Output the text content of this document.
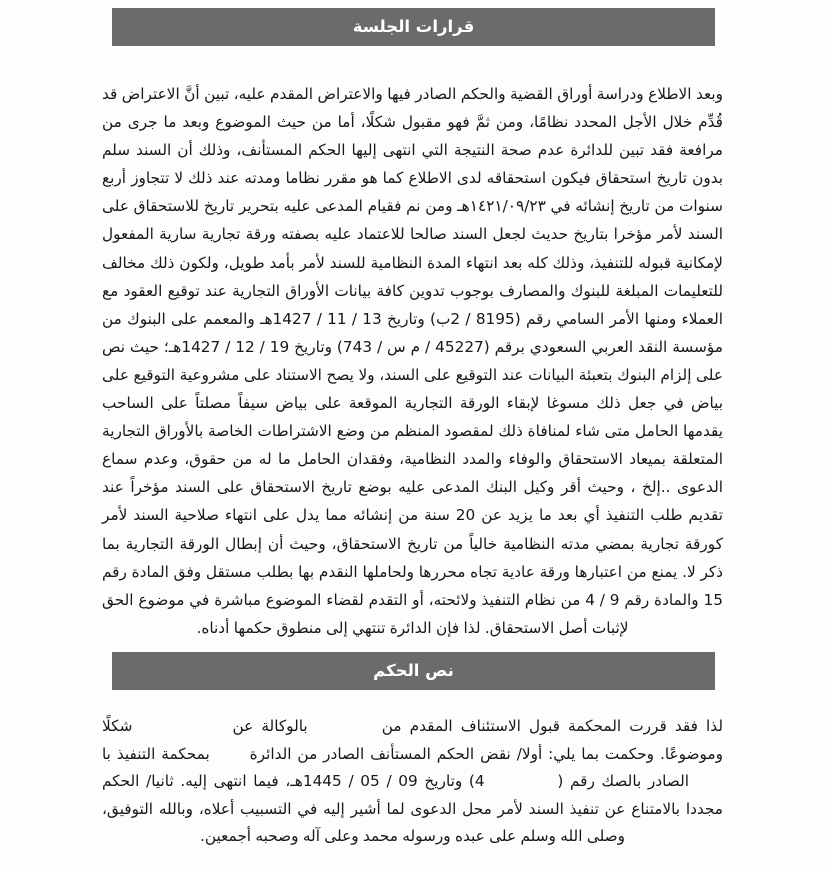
قرارات الجلسة
وبعد الاطلاع ودراسة أوراق القضية والحكم الصادر فيها والاعتراض المقدم عليه، تبين أنَّ الاعتراض قد قُدِّم خلال الأجل المحدد نظامًا، ومن ثمَّ فهو مقبول شكلًا، أما من حيث الموضوع وبعد ما جرى من مرافعة فقد تبين للدائرة عدم صحة النتيجة التي انتهى إليها الحكم المستأنف، وذلك أن السند سلم بدون تاريخ استحقاق فيكون استحقاقه لدى الاطلاع كما هو مقرر نظاما ومدته عند ذلك لا تتجاوز أربع سنوات من تاريخ إنشائه في ١٤٢١/٠٩/٢٣هـ ومن نم فقيام المدعى عليه بتحرير تاريخ للاستحقاق على السند لأمر مؤخرا بتاريخ حديث لجعل السند صالحا للاعتماد عليه بصفته ورقة تجارية سارية المفعول لإمكانية قبوله للتنفيذ، وذلك كله بعد انتهاء المدة النظامية للسند لأمر بأمد طويل، ولكون ذلك مخالف للتعليمات المبلغة للبنوك والمصارف بوجوب تدوين كافة بيانات الأوراق التجارية عند توقيع العقود مع العملاء ومنها الأمر السامي رقم (8195 / 2ب) وتاريخ 13 / 11 / 1427هـ والمعمم على البنوك من مؤسسة النقد العربي السعودي برقم (45227 / م س / 743) وتاريخ 19 / 12 / 1427هـ؛ حيث نص على إلزام البنوك بتعبئة البيانات عند التوقيع على السند، ولا يصح الاستناد على مشروعية التوقيع على بياض في جعل ذلك مسوغا لإبقاء الورقة التجارية الموقعة على بياض سيفاً مصلتاً على الساحب يقدمها الحامل متى شاء لمنافاة ذلك لمقصود المنظم من وضع الاشتراطات الخاصة بالأوراق التجارية المتعلقة بميعاد الاستحقاق والوفاء والمدد النظامية، وفقدان الحامل ما له من حقوق، وعدم سماع الدعوى ..إلخ ، وحيث أقر وكيل البنك المدعى عليه بوضع تاريخ الاستحقاق على السند مؤخراً عند تقديم طلب التنفيذ أي بعد ما يزيد عن 20 سنة من إنشائه مما يدل على انتهاء صلاحية السند لأمر كورقة تجارية بمضي مدته النظامية خالياً من تاريخ الاستحقاق، وحيث أن إبطال الورقة التجارية بما ذكر لا. يمنع من اعتبارها ورقة عادية تجاه محررها ولحاملها النقدم بها بطلب مستقل وفق المادة رقم 15 والمادة رقم 9 / 4 من نظام التنفيذ ولائحته، أو التقدم لقضاء الموضوع مباشرة في موضوع الحق لإثبات أصل الاستحقاق. لذا فإن الدائرة تنتهي إلى منطوق حكمها أدناه.
نص الحكم
لذا فقد قررت المحكمة قبول الاستئناف المقدم من  بالوكالة عن  شكلًا وموضوعًا. وحكمت بما يلي: أولا/ نقض الحكم المستأنف الصادر من الدائرة  بمحكمة التنفيذ با  الصادر بالصك رقم (  4) وتاريخ 09 / 05 / 1445هـ، فيما انتهى إليه. ثانيا/ الحكم مجددا بالامتناع عن تنفيذ السند لأمر محل الدعوى لما أشير إليه في التسبيب أعلاه، وبالله التوفيق، وصلى الله وسلم على عبده ورسوله محمد وعلى آله وصحبه أجمعين.
